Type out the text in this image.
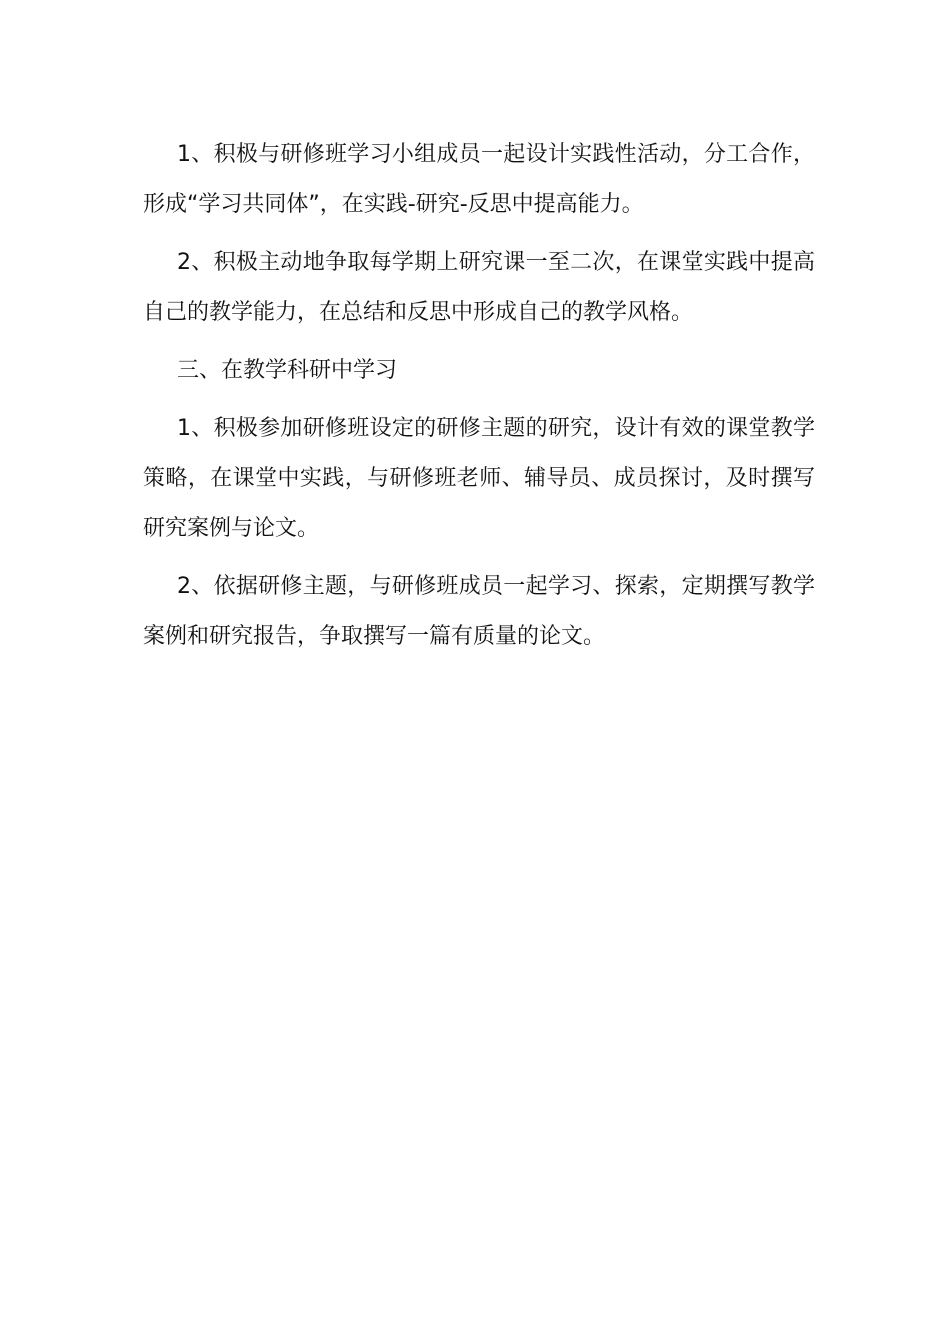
1、积极与研修班学习小组成员一起设计实践性活动，分工合作，形成“学习共同体”，在实践-研究-反思中提高能力。

2、积极主动地争取每学期上研究课一至二次，在课堂实践中提高自己的教学能力，在总结和反思中形成自己的教学风格。

三、在教学科研中学习

1、积极参加研修班设定的研修主题的研究，设计有效的课堂教学策略，在课堂中实践，与研修班老师、辅导员、成员探讨，及时撰写研究案例与论文。

2、依据研修主题，与研修班成员一起学习、探索，定期撰写教学案例和研究报告，争取撰写一篇有质量的论文。
